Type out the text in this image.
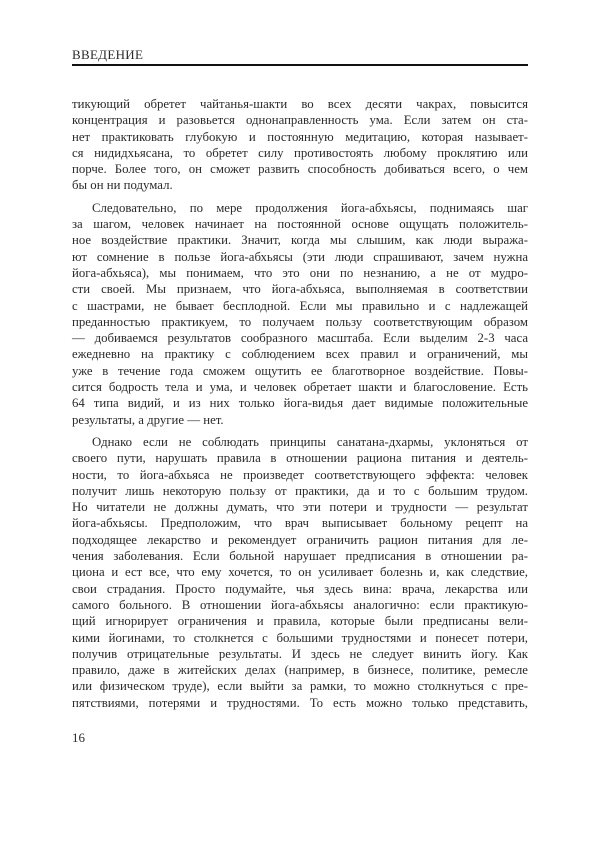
ВВЕДЕНИЕ
тикующий обретет чайтанья-шакти во всех десяти чакрах, повысится
концентрация и разовьется однонаправленность ума. Если затем он ста-
нет практиковать глубокую и постоянную медитацию, которая называет-
ся нидидхьясана, то обретет силу противостоять любому проклятию или
порче. Более того, он сможет развить способность добиваться всего, о чем
бы он ни подумал.
Следовательно, по мере продолжения йога-абхьясы, поднимаясь шаг
за шагом, человек начинает на постоянной основе ощущать положитель-
ное воздействие практики. Значит, когда мы слышим, как люди выража-
ют сомнение в пользе йога-абхьясы (эти люди спрашивают, зачем нужна
йога-абхьяса), мы понимаем, что это они по незнанию, а не от мудро-
сти своей. Мы признаем, что йога-абхьяса, выполняемая в соответствии
с шастрами, не бывает бесплодной. Если мы правильно и с надлежащей
преданностью практикуем, то получаем пользу соответствующим образом
— добиваемся результатов сообразного масштаба. Если выделим 2-3 часа
ежедневно на практику с соблюдением всех правил и ограничений, мы
уже в течение года сможем ощутить ее благотворное воздействие. Повы-
сится бодрость тела и ума, и человек обретает шакти и благословение. Есть
64 типа видий, и из них только йога-видья дает видимые положительные
результаты, а другие — нет.
Однако если не соблюдать принципы санатана-дхармы, уклоняться от
своего пути, нарушать правила в отношении рациона питания и деятель-
ности, то йога-абхьяса не произведет соответствующего эффекта: человек
получит лишь некоторую пользу от практики, да и то с большим трудом.
Но читатели не должны думать, что эти потери и трудности — результат
йога-абхьясы. Предположим, что врач выписывает больному рецепт на
подходящее лекарство и рекомендует ограничить рацион питания для ле-
чения заболевания. Если больной нарушает предписания в отношении ра-
циона и ест все, что ему хочется, то он усиливает болезнь и, как следствие,
свои страдания. Просто подумайте, чья здесь вина: врача, лекарства или
самого больного. В отношении йога-абхьясы аналогично: если практикую-
щий игнорирует ограничения и правила, которые были предписаны вели-
кими йогинами, то столкнется с большими трудностями и понесет потери,
получив отрицательные результаты. И здесь не следует винить йогу. Как
правило, даже в житейских делах (например, в бизнесе, политике, ремесле
или физическом труде), если выйти за рамки, то можно столкнуться с пре-
пятствиями, потерями и трудностями. То есть можно только представить,
16
